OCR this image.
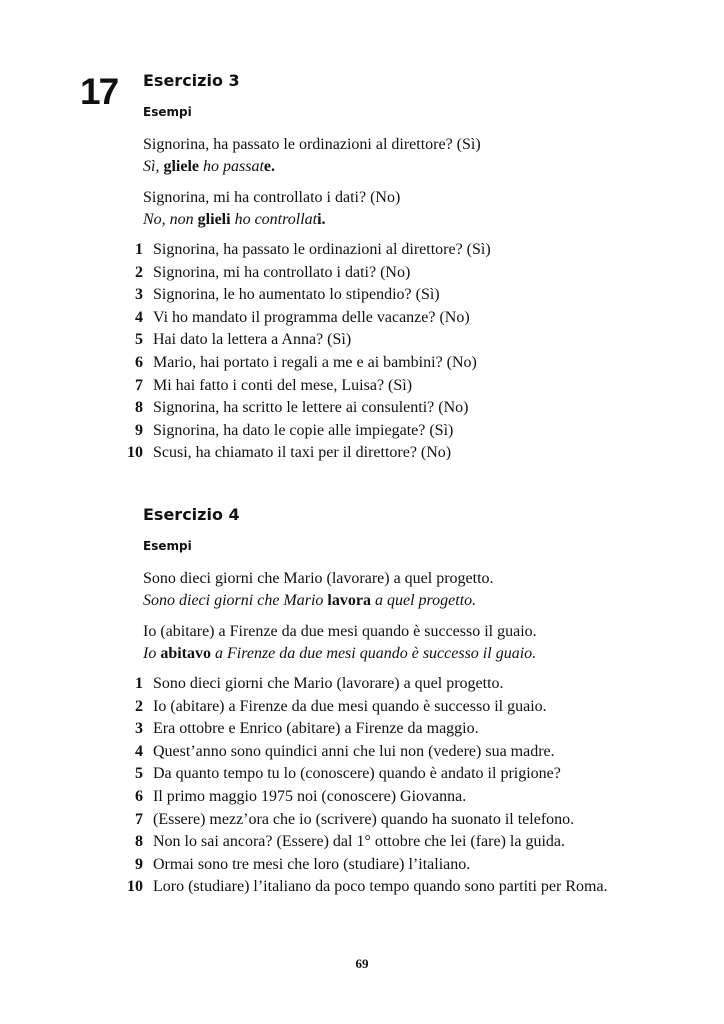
17 Esercizio 3
Esempi
Signorina, ha passato le ordinazioni al direttore? (Sì)
Sì, gliele ho passate.
Signorina, mi ha controllato i dati? (No)
No, non glieli ho controllati.
1 Signorina, ha passato le ordinazioni al direttore? (Sì)
2 Signorina, mi ha controllato i dati? (No)
3 Signorina, le ho aumentato lo stipendio? (Sì)
4 Vi ho mandato il programma delle vacanze? (No)
5 Hai dato la lettera a Anna? (Sì)
6 Mario, hai portato i regali a me e ai bambini? (No)
7 Mi hai fatto i conti del mese, Luisa? (Sì)
8 Signorina, ha scritto le lettere ai consulenti? (No)
9 Signorina, ha dato le copie alle impiegate? (Sì)
10 Scusi, ha chiamato il taxi per il direttore? (No)
Esercizio 4
Esempi
Sono dieci giorni che Mario (lavorare) a quel progetto.
Sono dieci giorni che Mario lavora a quel progetto.
Io (abitare) a Firenze da due mesi quando è successo il guaio.
Io abitavo a Firenze da due mesi quando è successo il guaio.
1 Sono dieci giorni che Mario (lavorare) a quel progetto.
2 Io (abitare) a Firenze da due mesi quando è successo il guaio.
3 Era ottobre e Enrico (abitare) a Firenze da maggio.
4 Quest’anno sono quindici anni che lui non (vedere) sua madre.
5 Da quanto tempo tu lo (conoscere) quando è andato il prigione?
6 Il primo maggio 1975 noi (conoscere) Giovanna.
7 (Essere) mezz’ora che io (scrivere) quando ha suonato il telefono.
8 Non lo sai ancora? (Essere) dal 1° ottobre che lei (fare) la guida.
9 Ormai sono tre mesi che loro (studiare) l’italiano.
10 Loro (studiare) l’italiano da poco tempo quando sono partiti per Roma.
69
